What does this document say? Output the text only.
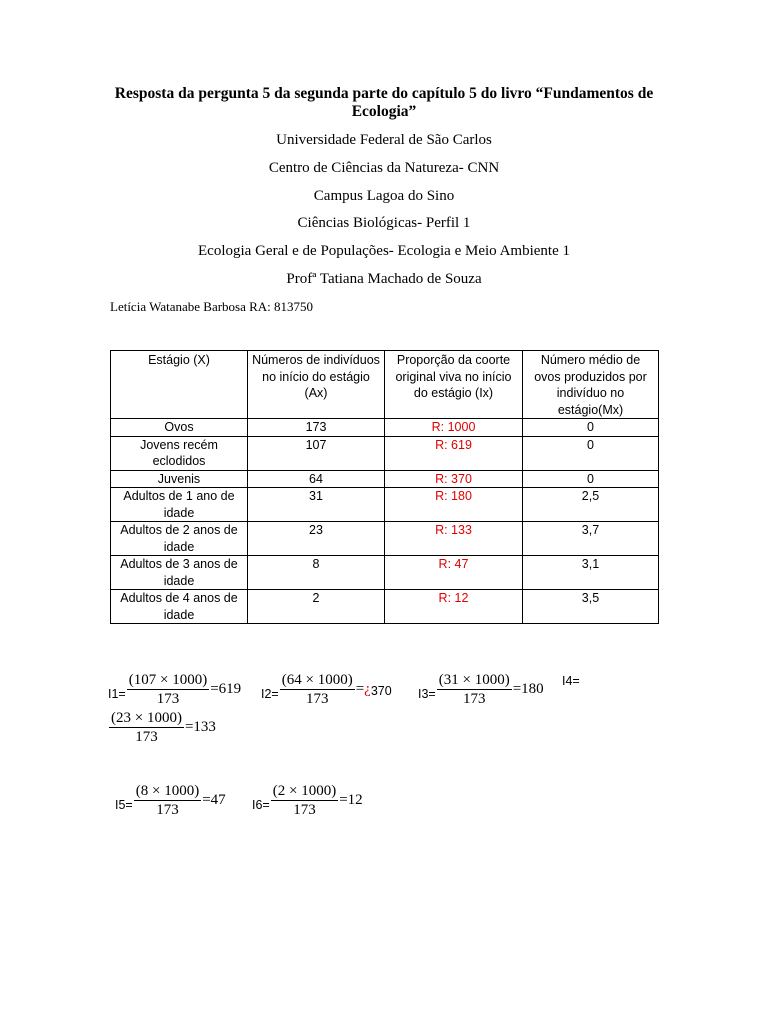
Resposta da pergunta 5 da segunda parte do capítulo 5 do livro “Fundamentos de Ecologia”
Universidade Federal de São Carlos
Centro de Ciências da Natureza- CNN
Campus Lagoa do Sino
Ciências Biológicas- Perfil 1
Ecologia Geral e de Populações- Ecologia e Meio Ambiente 1
Profª Tatiana Machado de Souza
Letícia Watanabe Barbosa RA: 813750
Estágio (X)	Números de indivíduos no início do estágio (Ax)	Proporção da coorte original viva no início do estágio (Ix)	Número médio de ovos produzidos por indivíduo no estágio(Mx)
Ovos	173	R: 1000	0
Jovens recém eclodidos	107	R: 619	0
Juvenis	64	R: 370	0
Adultos de 1 ano de idade	31	R: 180	2,5
Adultos de 2 anos de idade	23	R: 133	3,7
Adultos de 3 anos de idade	8	R: 47	3,1
Adultos de 4 anos de idade	2	R: 12	3,5
$I1= \frac{(107 \times 1000)}{173} = 619$ $I2= \frac{(64 \times 1000)}{173}$ = ¿ 370 $I3= \frac{(31 \times 1000)}{173} = 180$ I4=
$\frac{(23 \times 1000)}{173} = 133$
$I5= \frac{(8 \times 1000)}{173} = 47$ $I6= \frac{(2 \times 1000)}{173} = 12$
